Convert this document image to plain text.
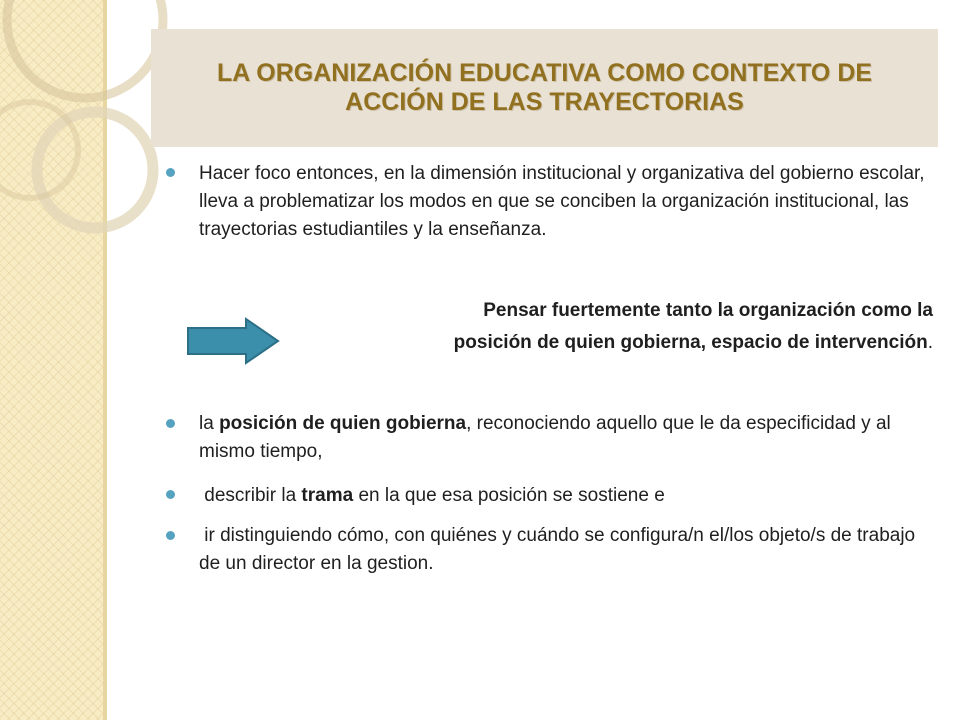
LA ORGANIZACIÓN EDUCATIVA COMO CONTEXTO DE ACCIÓN DE LAS TRAYECTORIAS
Hacer foco entonces, en la dimensión institucional y organizativa del gobierno escolar, lleva a problematizar los modos en que se conciben la organización institucional, las trayectorias estudiantiles y la enseñanza.
Pensar fuertemente tanto la organización como la
posición de quien gobierna, espacio de intervención.
la posición de quien gobierna, reconociendo aquello que le da especificidad y al mismo tiempo,
describir la trama en la que esa posición se sostiene e
ir distinguiendo cómo, con quiénes y cuándo se configura/n el/los objeto/s de trabajo de un director en la gestion.
